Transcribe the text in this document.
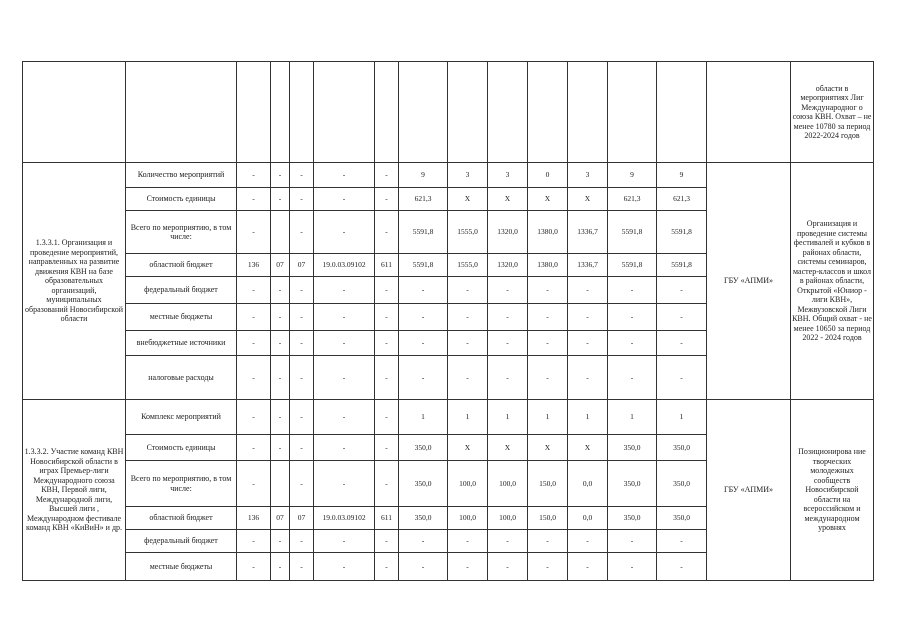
															области в мероприятиях Лиг Международног о союза КВН. Охват – не менее 10780 за период 2022-2024 годов
1.3.3.1. Организация и проведение мероприятий, направленных на развитие движения КВН на базе образовательных организаций, муниципальных образований Новосибирской области	Количество мероприятий	-	-	-	-	-	9	3	3	0	3	9	9	ГБУ «АПМИ»	Организация и проведение системы фестивалей и кубков в районах области, системы семинаров, мастер-классов и школ в районах области, Открытой «Юниор - лиги КВН», Межвузовской Лиги КВН. Общий охват - не менее 10650 за период 2022 - 2024 годов
	Стоимость единицы	-	-	-	-	-	621,3	X	X	X	X	621,3	621,3		
	Всего по мероприятию, в том числе:	-		-	-	-	5591,8	1555,0	1320,0	1380,0	1336,7	5591,8	5591,8		
	областной бюджет	136	07	07	19.0.03.09102	611	5591,8	1555,0	1320,0	1380,0	1336,7	5591,8	5591,8		
	федеральный бюджет	-	-	-	-	-	-	-	-	-	-	-	-		
	местные бюджеты	-	-	-	-	-	-	-	-	-	-	-	-		
	внебюджетные источники	-	-	-	-	-	-	-	-	-	-	-	-		
	налоговые расходы	-	-	-	-	-	-	-	-	-	-	-	-		
1.3.3.2. Участие команд КВН Новосибирской области в играх Премьер-лиги Международного союза КВН, Первой лиги, Международной лиги, Высшей лиги , Международном фестивале команд КВН «КиВиН» и др.	Комплекс мероприятий	-	-	-	-	-	1	1	1	1	1	1	1	ГБУ «АПМИ»	Позиционирова ние творческих молодежных сообществ Новосибирской области на всероссийском и международном уровнях
	Стоимость единицы	-	-	-	-	-	350,0	X	X	X	X	350,0	350,0		
	Всего по мероприятию, в том числе:	-		-	-	-	350,0	100,0	100,0	150,0	0,0	350,0	350,0		
	областной бюджет	136	07	07	19.0.03.09102	611	350,0	100,0	100,0	150,0	0,0	350,0	350,0		
	федеральный бюджет	-	-	-	-	-	-	-	-	-	-	-	-		
	местные бюджеты	-	-	-	-	-	-	-	-	-	-	-	-		
